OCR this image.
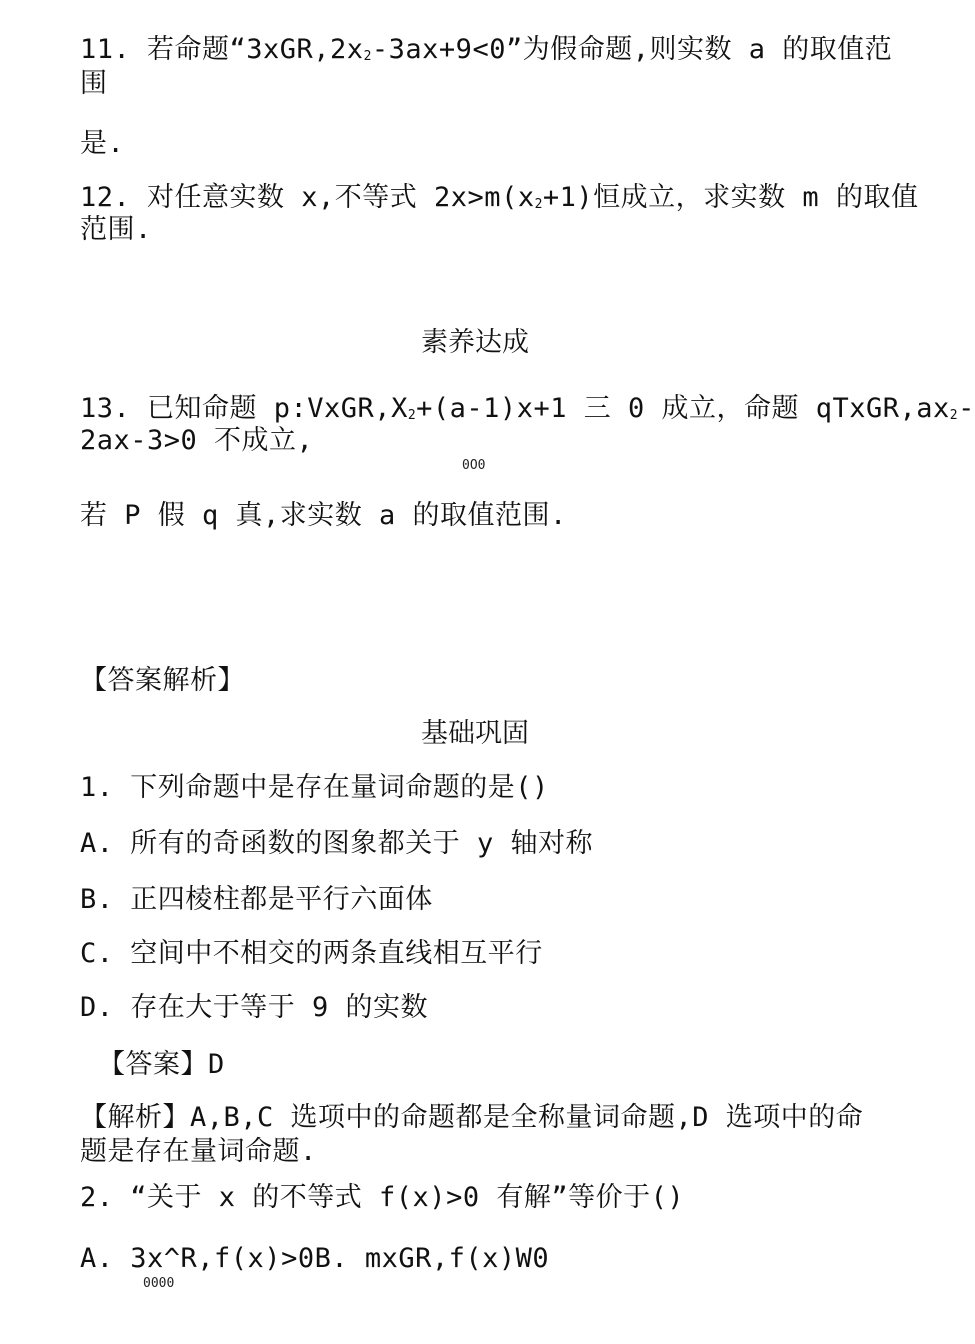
11. 若命题“$3xGR,2x_2-3ax+9<0$”为假命题,则实数 a 的取值范
围
是.
12. 对任意实数 x,不等式 $2x>m(x_2+1)$恒成立，求实数 m 的取值
范围.
素养达成
13. 已知命题 $p:VxGR,X_2+(a-1)x+1$ 三 0 成立，命题 $qTxGR,ax_2-$
2ax-3>0 不成立,
0O0
若 P 假 q 真,求实数 a 的取值范围.
【答案解析】
基础巩固
1. 下列命题中是存在量词命题的是()
A. 所有的奇函数的图象都关于 y 轴对称
B. 正四棱柱都是平行六面体
C. 空间中不相交的两条直线相互平行
D. 存在大于等于 9 的实数
【答案】D
【解析】A,B,C 选项中的命题都是全称量词命题,D 选项中的命
题是存在量词命题.
2. “关于 x 的不等式 f(x)>0 有解”等价于()
A. 3x^R,f(x)>0B. mxGR,f(x)W0
0000
